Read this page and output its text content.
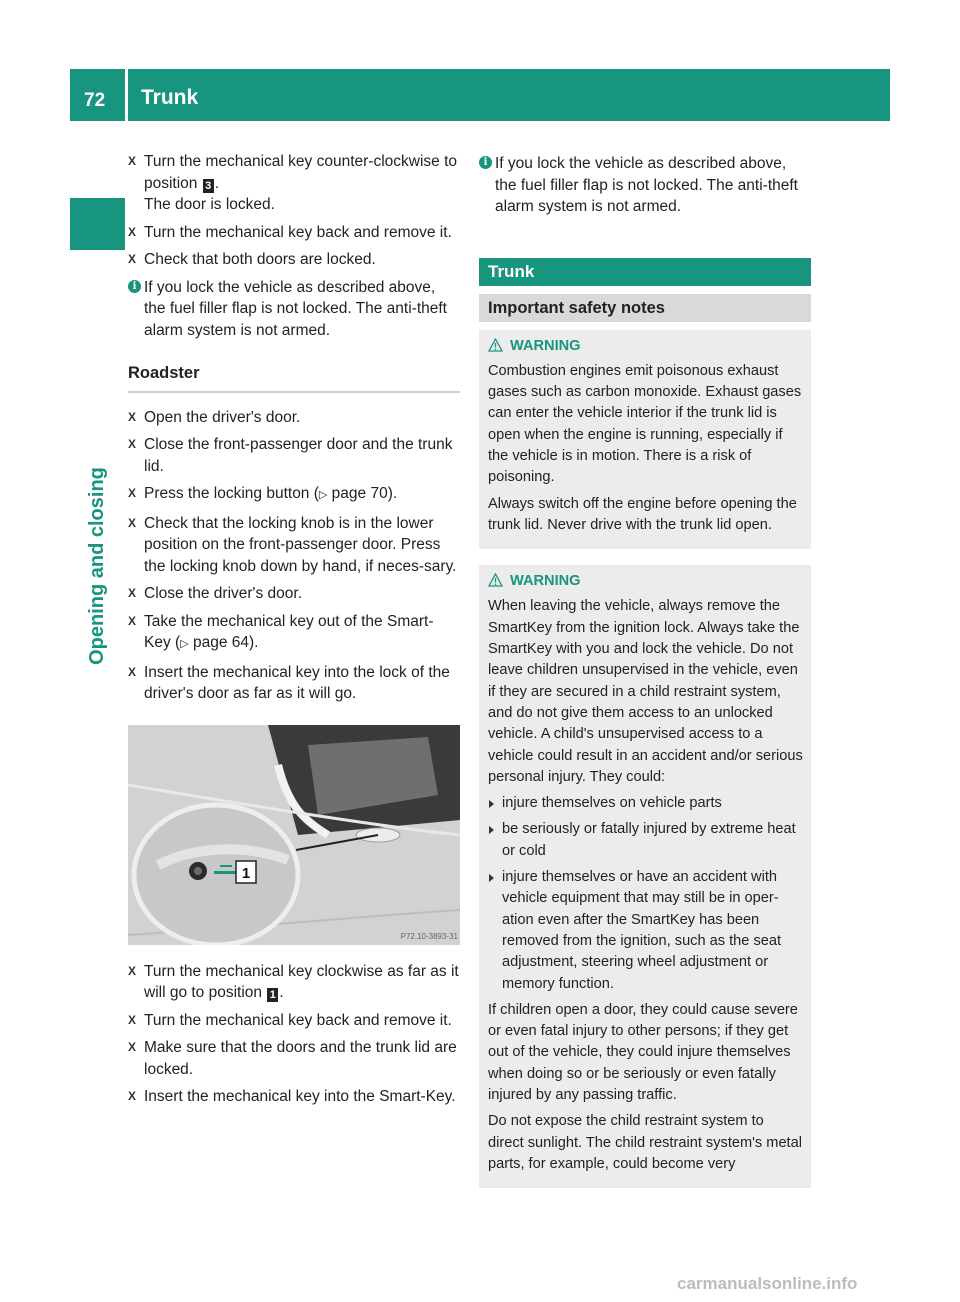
72 Trunk
Opening and closing
X Turn the mechanical key counter-clockwise to position 3 .
The door is locked.
X Turn the mechanical key back and remove it.
X Check that both doors are locked.
i If you lock the vehicle as described above, the fuel filler flap is not locked. The anti-theft alarm system is not armed.
Roadster
X Open the driver's door.
X Close the front-passenger door and the trunk lid.
X Press the locking button (▷ page 70).
X Check that the locking knob is in the lower position on the front-passenger door. Press the locking knob down by hand, if neces-sary.
X Close the driver's door.
X Take the mechanical key out of the Smart-Key (▷ page 64).
X Insert the mechanical key into the lock of the driver's door as far as it will go.
1
P72.10-3893-31
X Turn the mechanical key clockwise as far as it will go to position 1 .
X Turn the mechanical key back and remove it.
X Make sure that the doors and the trunk lid are locked.
X Insert the mechanical key into the Smart-Key.
i If you lock the vehicle as described above, the fuel filler flap is not locked. The anti-theft alarm system is not armed.
Trunk
Important safety notes
WARNING

Combustion engines emit poisonous exhaust gases such as carbon monoxide. Exhaust gases can enter the vehicle interior if the trunk lid is open when the engine is running, especially if the vehicle is in motion. There is a risk of poisoning.

Always switch off the engine before opening the trunk lid. Never drive with the trunk lid open.

WARNING

When leaving the vehicle, always remove the SmartKey from the ignition lock. Always take the SmartKey with you and lock the vehicle. Do not leave children unsupervised in the vehicle, even if they are secured in a child restraint system, and do not give them access to an unlocked vehicle. A child's unsupervised access to a vehicle could result in an accident and/or serious personal injury. They could:

injure themselves on vehicle parts
be seriously or fatally injured by extreme heat or cold
injure themselves or have an accident with vehicle equipment that may still be in oper-ation even after the SmartKey has been removed from the ignition, such as the seat adjustment, steering wheel adjustment or memory function.

If children open a door, they could cause severe or even fatal injury to other persons; if they get out of the vehicle, they could injure themselves when doing so or be seriously or even fatally injured by any passing traffic.

Do not expose the child restraint system to direct sunlight. The child restraint system's metal parts, for example, could become very

carmanualsonline.info
